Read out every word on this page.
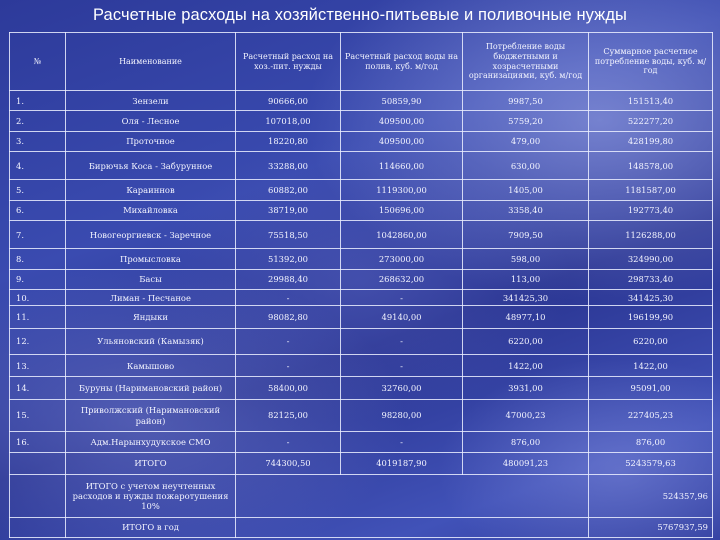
Расчетные расходы на хозяйственно-питьевые и поливочные нужды
№	Наименование	Расчетный расход на хоз.-пит. нужды	Расчетный расход воды на полив, куб. м/год	Потребление воды бюджетными и хозрасчетными организациями, куб. м/год	Суммарное расчетное потребление воды, куб. м/год
1.	Зензели	90666,00	50859,90	9987,50	151513,40
2.	Оля - Лесное	107018,00	409500,00	5759,20	522277,20
3.	Проточное	18220,80	409500,00	479,00	428199,80
4.	Бирючья Коса - Забурунное	33288,00	114660,00	630,00	148578,00
5.	Караиннов	60882,00	1119300,00	1405,00	1181587,00
6.	Михайловка	38719,00	150696,00	3358,40	192773,40
7.	Новогеоргиевск - Заречное	75518,50	1042860,00	7909,50	1126288,00
8.	Промысловка	51392,00	273000,00	598,00	324990,00
9.	Басы	29988,40	268632,00	113,00	298733,40
10.	Лиман - Песчаное	-	-	341425,30	341425,30
11.	Яндыки	98082,80	49140,00	48977,10	196199,90
12.	Ульяновский (Камызяк)	-	-	6220,00	6220,00
13.	Камышово	-	-	1422,00	1422,00
14.	Буруны (Наримановский район)	58400,00	32760,00	3931,00	95091,00
15.	Приволжский (Наримановский район)	82125,00	98280,00	47000,23	227405,23
16.	Адм.Нарынхудукское СМО	-	-	876,00	876,00
	ИТОГО	744300,50	4019187,90	480091,23	5243579,63
	ИТОГО с учетом неучтенных расходов и нужды пожаротушения 10%				524357,96
	ИТОГО в год				5767937,59
